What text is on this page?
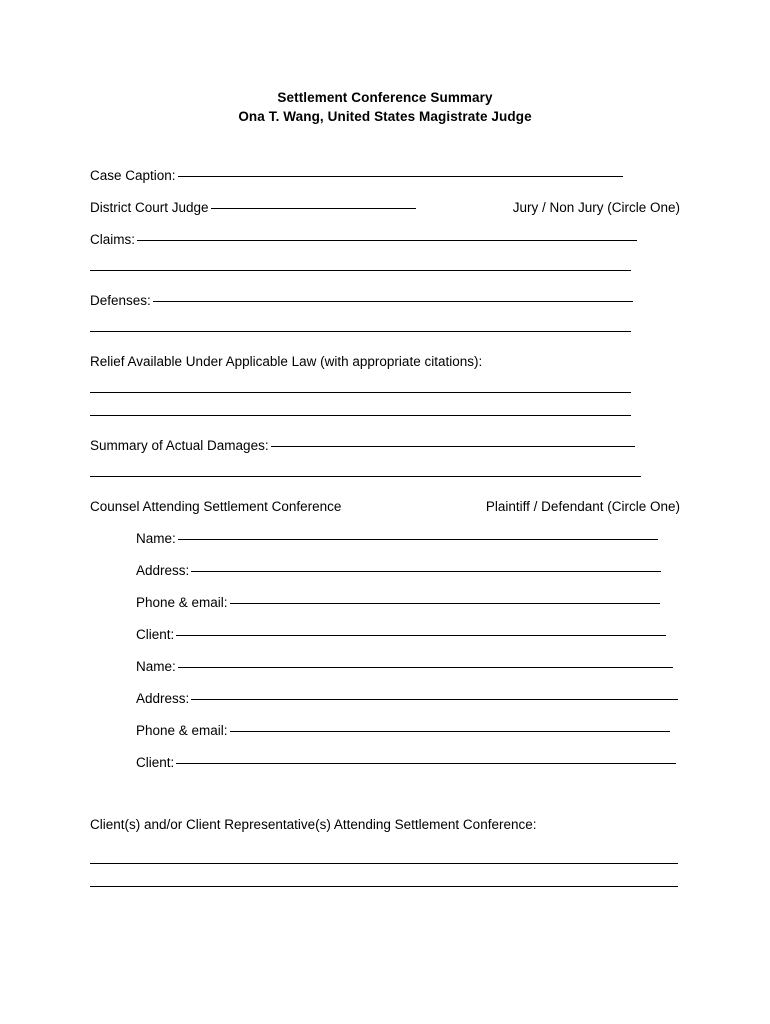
Settlement Conference Summary
Ona T. Wang, United States Magistrate Judge
Case Caption:
District Court Judge	Jury / Non Jury (Circle One)
Claims:
Defenses:
Relief Available Under Applicable Law (with appropriate citations):
Summary of Actual Damages:
Counsel Attending Settlement Conference	Plaintiff / Defendant (Circle One)
Name:
Address:
Phone & email:
Client:
Name:
Address:
Phone & email:
Client:
Client(s) and/or Client Representative(s) Attending Settlement Conference:
